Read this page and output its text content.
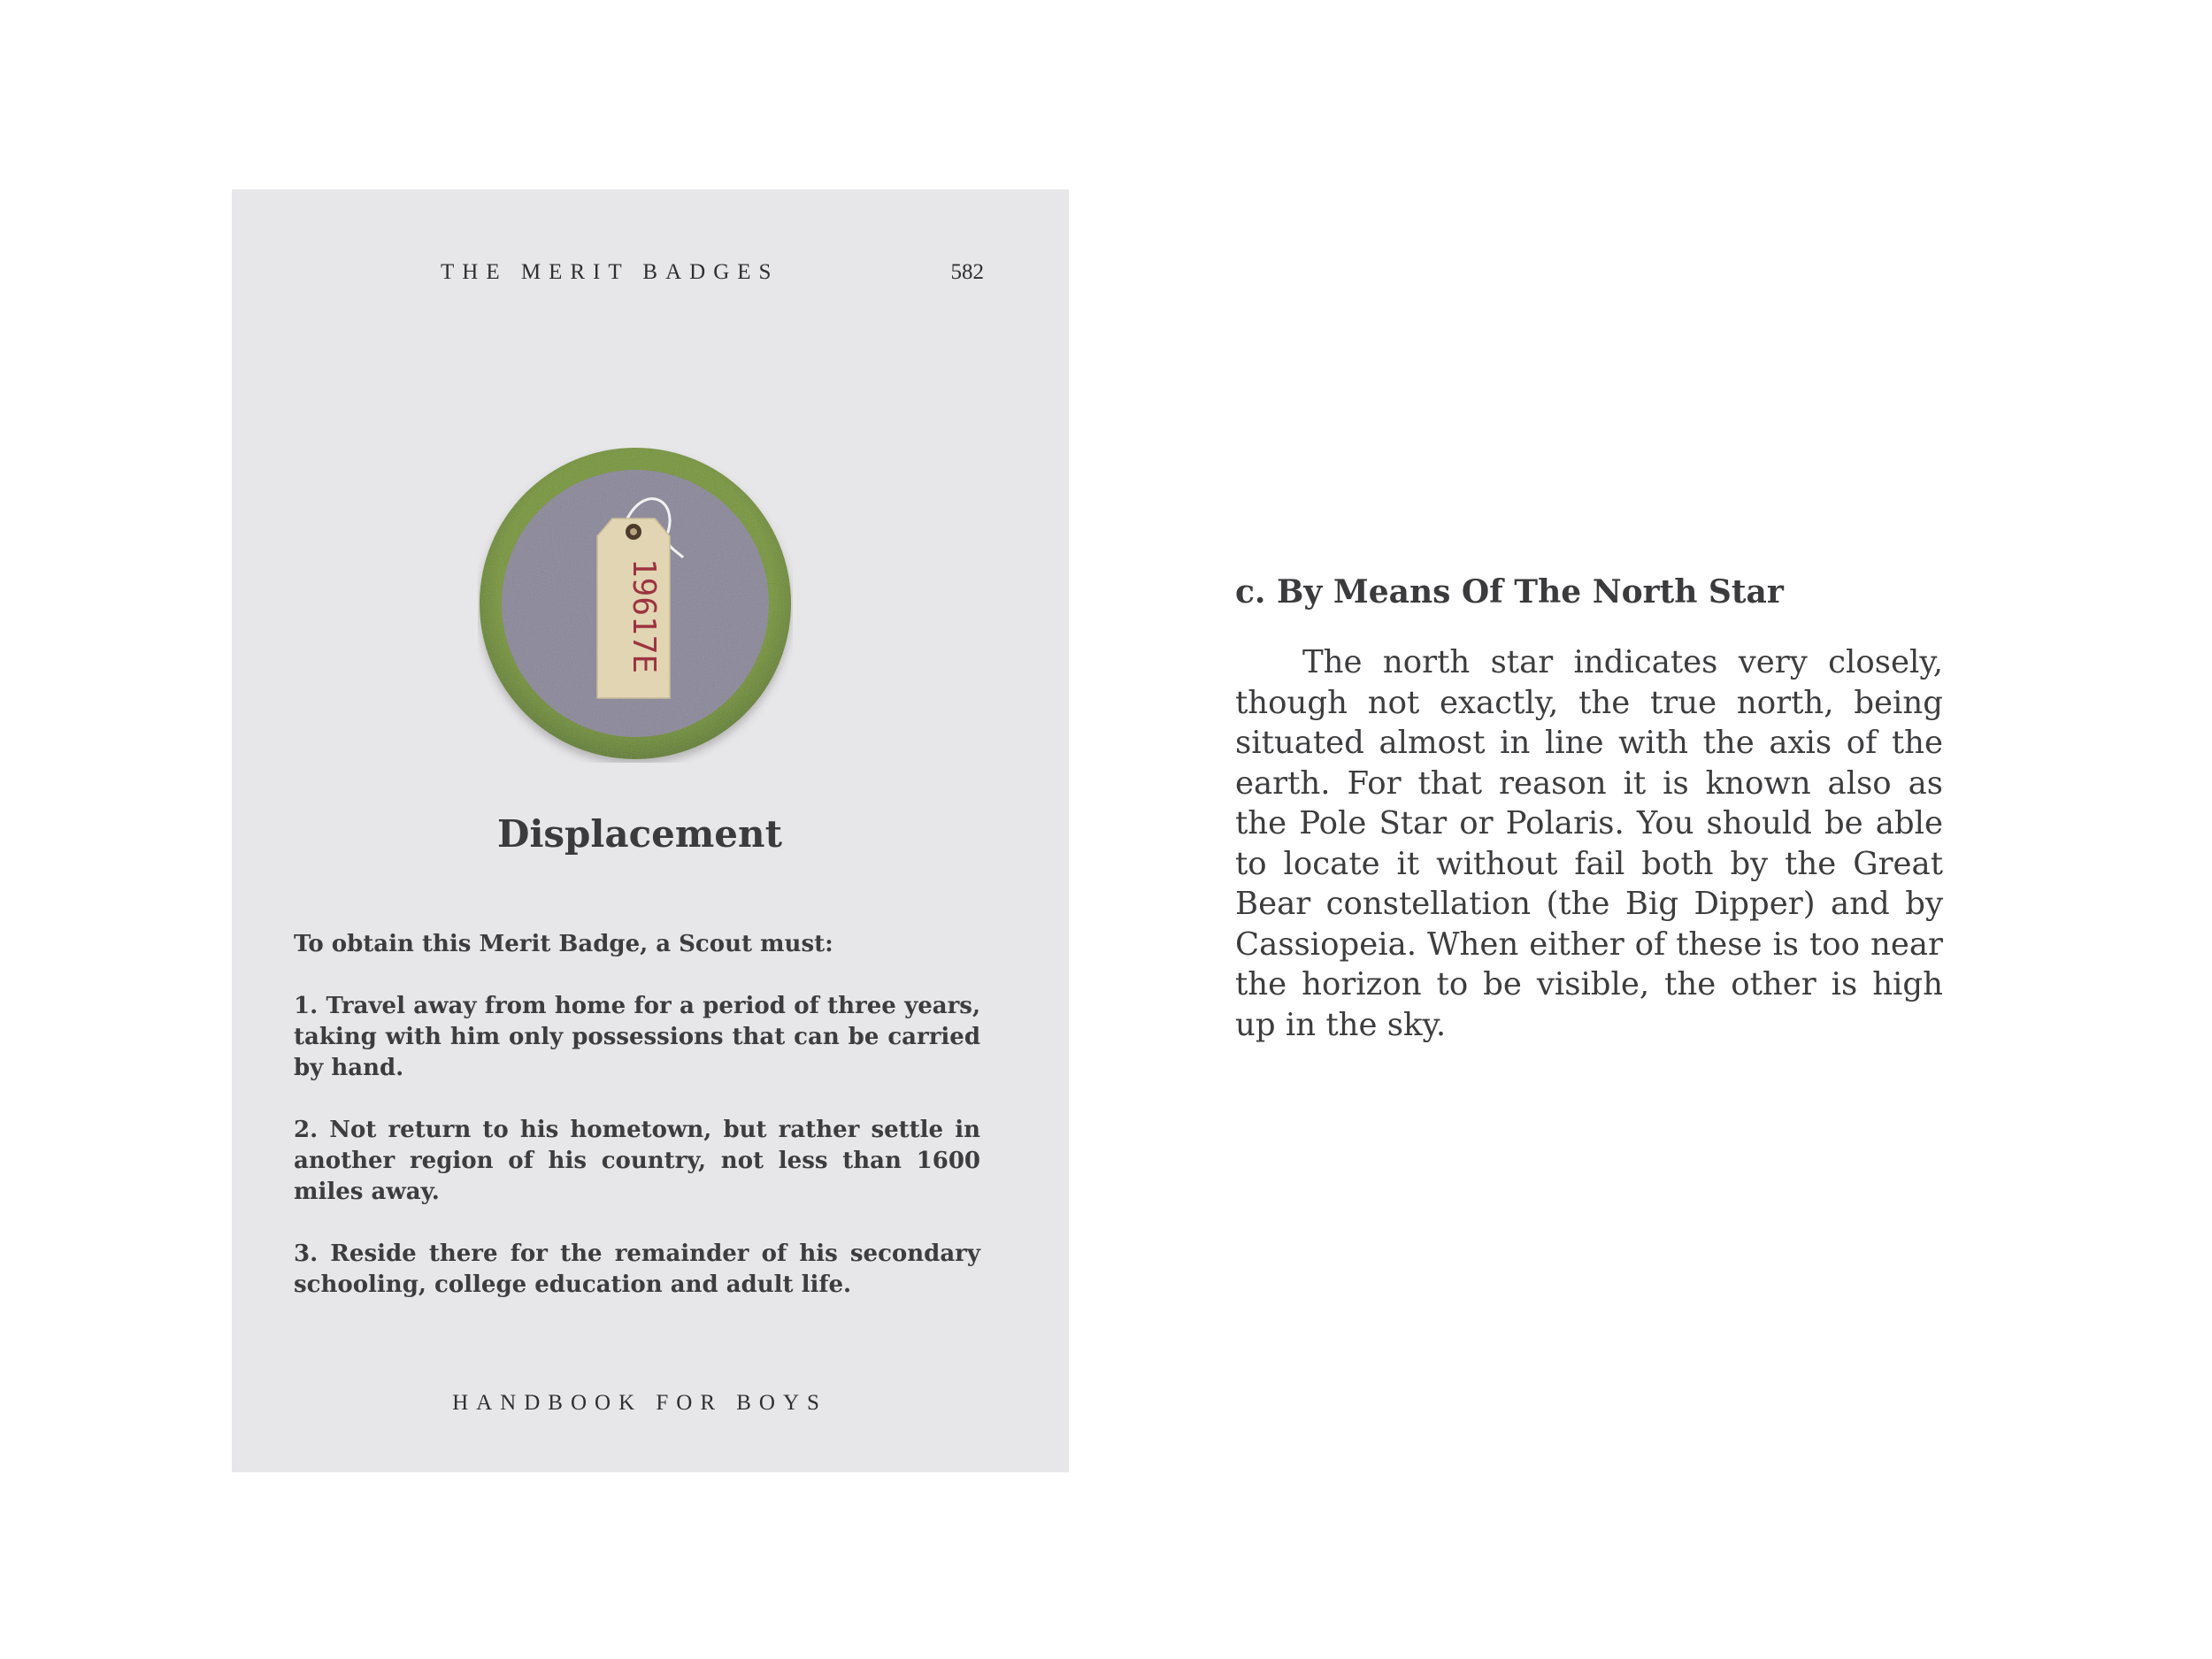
THE MERIT BADGES	582
19617E
Displacement

To obtain this Merit Badge, a Scout must:

1. Travel away from home for a period of three years, taking with him only possessions that can be carried by hand.

2. Not return to his hometown, but rather settle in another region of his country, not less than 1600 miles away.

3. Reside there for the remainder of his secondary schooling, college education and adult life.

HANDBOOK FOR BOYS
c. By Means Of The North Star

The north star indicates very closely, though not exactly, the true north, being situated almost in line with the axis of the earth. For that reason it is known also as the Pole Star or Polaris. You should be able to locate it without fail both by the Great Bear constellation (the Big Dipper) and by Cassiopeia. When either of these is too near the horizon to be visible, the other is high up in the sky.
